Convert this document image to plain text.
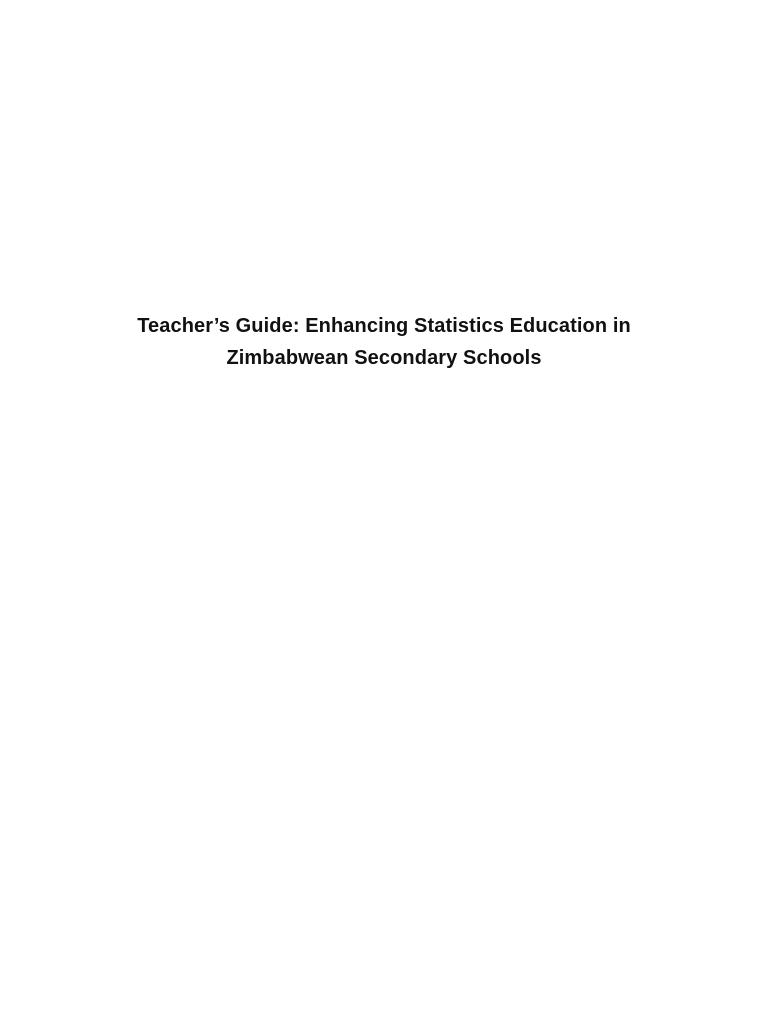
Teacher’s Guide: Enhancing Statistics Education in
Zimbabwean Secondary Schools
